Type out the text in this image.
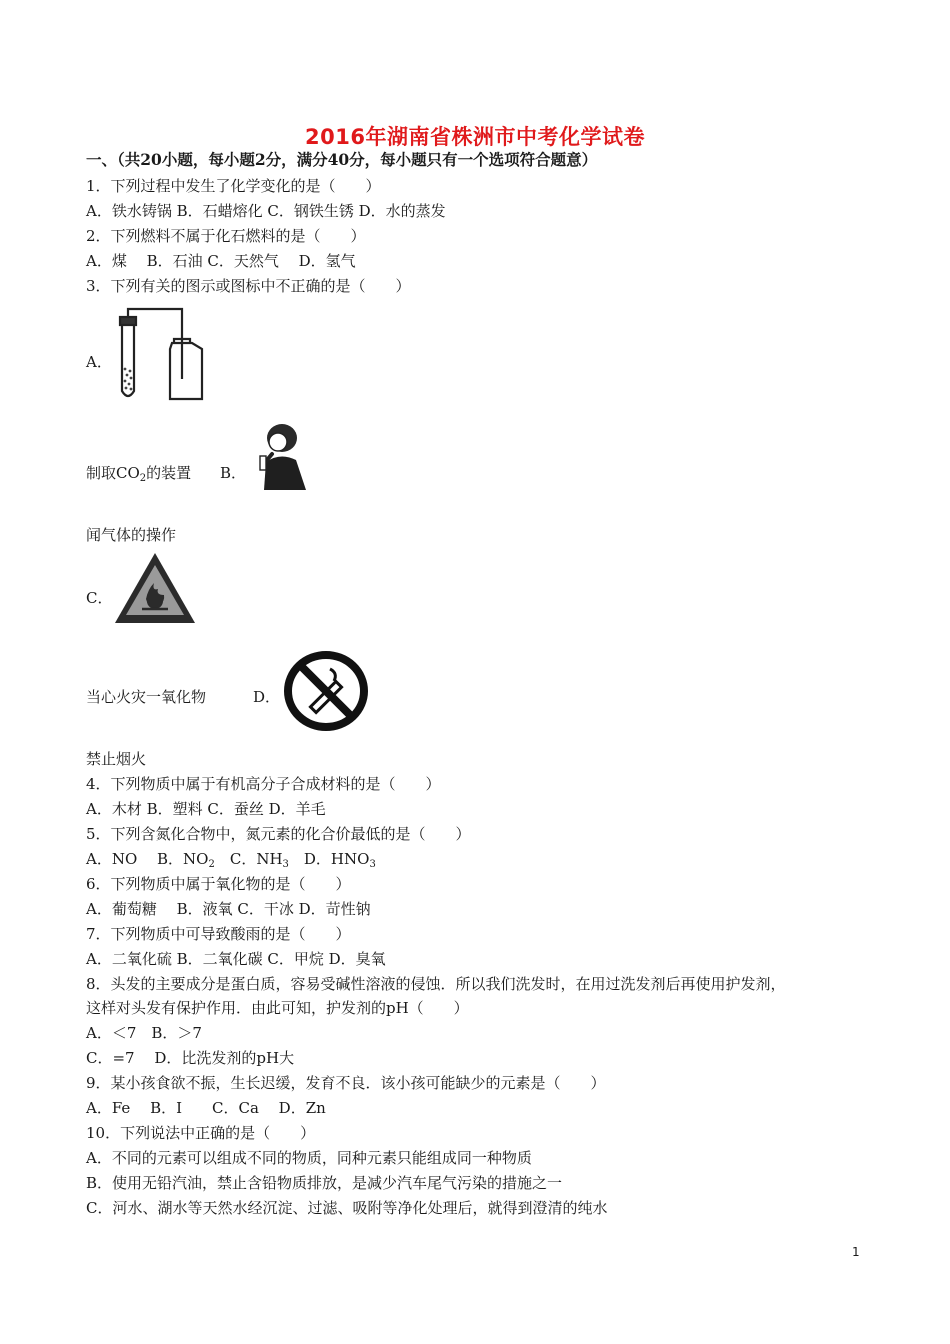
2016年湖南省株洲市中考化学试卷
一、（共20小题，每小题2分，满分40分，每小题只有一个选项符合题意）
1．下列过程中发生了化学变化的是（　　）
A．铁水铸锅 B．石蜡熔化 C．钢铁生锈 D．水的蒸发
2．下列燃料不属于化石燃料的是（　　）
A．煤　 B．石油 C．天然气　 D．氢气
3．下列有关的图示或图标中不正确的是（　　）
A．
制取$CO_2$的装置 B．
闻气体的操作
C．
当心火灾一氧化物	D．
禁止烟火
4．下列物质中属于有机高分子合成材料的是（　　）
A．木材 B．塑料 C．蚕丝 D．羊毛
5．下列含氮化合物中，氮元素的化合价最低的是（　　）
A．NO　 B．$NO_2$　C．$NH_3$　D．$HNO_3$
6．下列物质中属于氧化物的是（　　）
A．葡萄糖　 B．液氧 C．干冰 D．苛性钠
7．下列物质中可导致酸雨的是（　　）
A．二氧化硫 B．二氧化碳 C．甲烷 D．臭氧
8．头发的主要成分是蛋白质，容易受碱性溶液的侵蚀．所以我们洗发时，在用过洗发剂后再使用护发剂，
这样对头发有保护作用．由此可知，护发剂的pH（　　）
A．＜7　B．＞7
C．=7　 D．比洗发剂的pH大
9．某小孩食欲不振，生长迟缓，发育不良．该小孩可能缺少的元素是（　　）
A．Fe　 B．I　　C．Ca　 D．Zn
10．下列说法中正确的是（　　）
A．不同的元素可以组成不同的物质，同种元素只能组成同一种物质
B．使用无铅汽油，禁止含铅物质排放，是减少汽车尾气污染的措施之一
C．河水、湖水等天然水经沉淀、过滤、吸附等净化处理后，就得到澄清的纯水
1
